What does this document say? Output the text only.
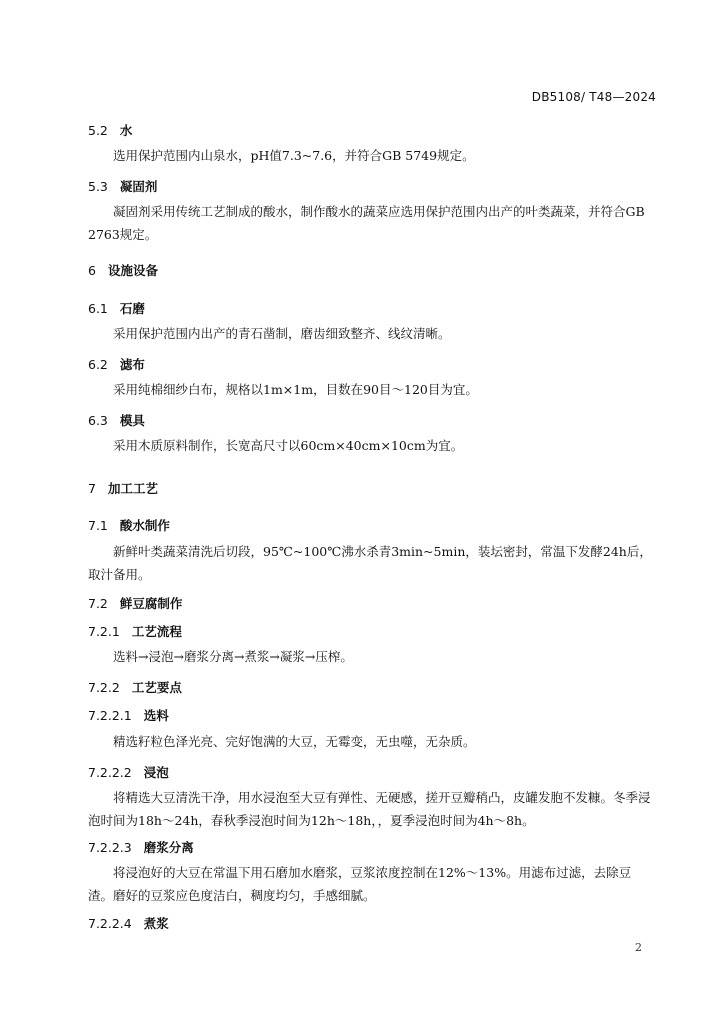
DB5108/ T48—2024
5.2 水
选用保护范围内山泉水，pH值7.3~7.6，并符合GB 5749规定。
5.3 凝固剂
凝固剂采用传统工艺制成的酸水，制作酸水的蔬菜应选用保护范围内出产的叶类蔬菜，并符合GB 2763规定。
6 设施设备
6.1 石磨
采用保护范围内出产的青石凿制，磨齿细致整齐、线纹清晰。
6.2 滤布
采用纯棉细纱白布，规格以1m×1m，目数在90目～120目为宜。
6.3 模具
采用木质原料制作，长宽高尺寸以60cm×40cm×10cm为宜。
7 加工工艺
7.1 酸水制作
新鲜叶类蔬菜清洗后切段，95℃~100℃沸水杀青3min~5min，装坛密封，常温下发酵24h后，取汁备用。
7.2 鲜豆腐制作
7.2.1 工艺流程
选料→浸泡→磨浆分离→煮浆→凝浆→压榨。
7.2.2 工艺要点
7.2.2.1 选料
精选籽粒色泽光亮、完好饱满的大豆，无霉变，无虫噬，无杂质。
7.2.2.2 浸泡
将精选大豆清洗干净，用水浸泡至大豆有弹性、无硬感，搓开豆瓣稍凸，皮罐发胞不发糠。冬季浸泡时间为18h～24h，春秋季浸泡时间为12h～18h，，夏季浸泡时间为4h～8h。
7.2.2.3 磨浆分离
将浸泡好的大豆在常温下用石磨加水磨浆，豆浆浓度控制在12%～13%。用滤布过滤，去除豆渣。磨好的豆浆应色度洁白，稠度均匀，手感细腻。
7.2.2.4 煮浆
2
